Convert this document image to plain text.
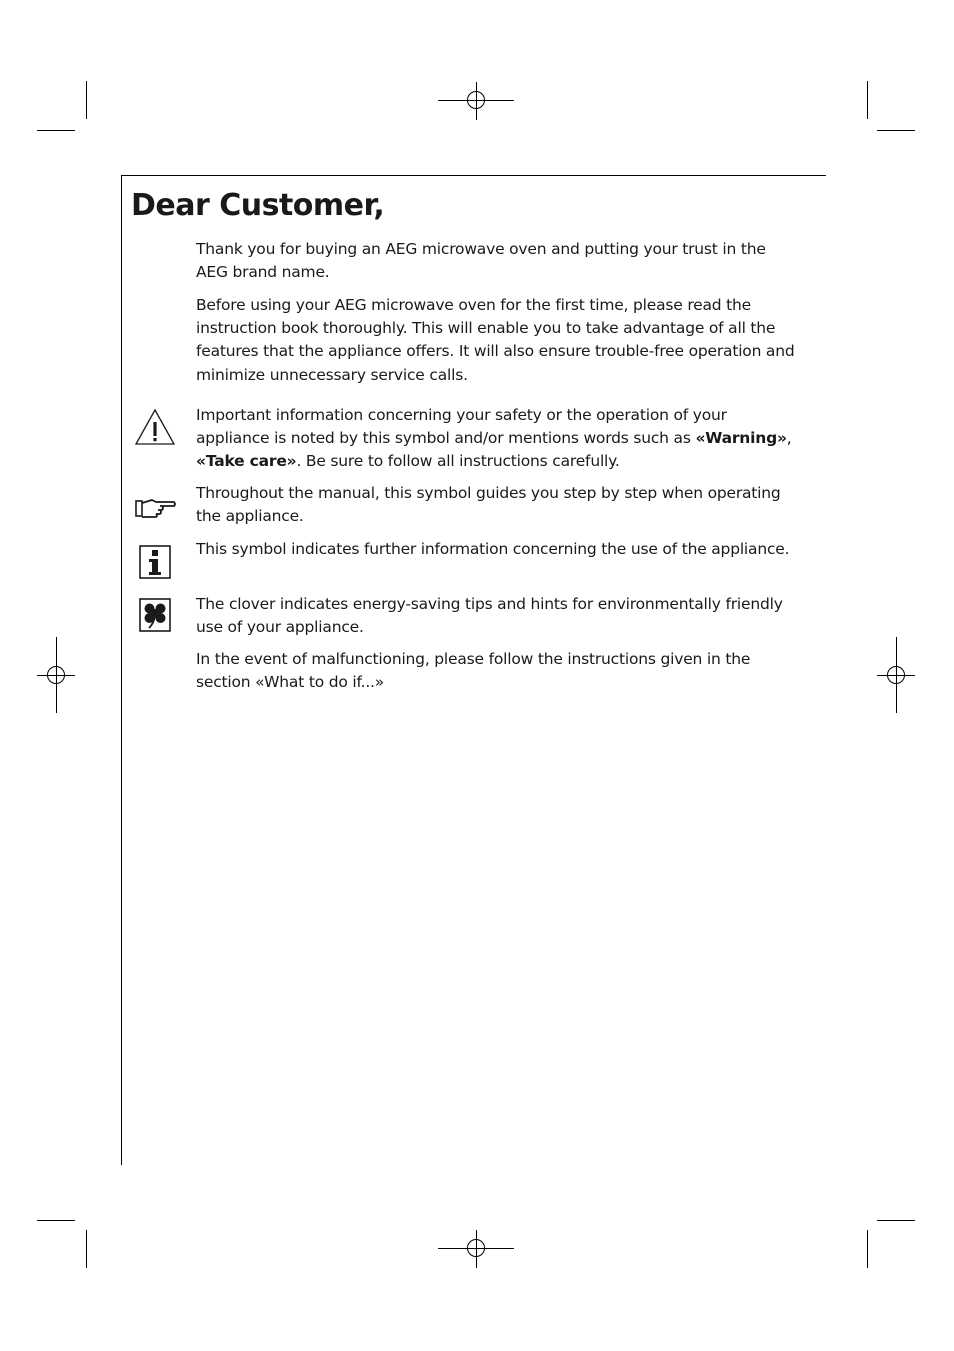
Dear Customer,

Thank you for buying an AEG microwave oven and putting your trust in the AEG brand name.

Before using your AEG microwave oven for the first time, please read the instruction book thoroughly. This will enable you to take advantage of all the features that the appliance offers. It will also ensure trouble-free operation and minimize unnecessary service calls.

Important information concerning your safety or the operation of your appliance is noted by this symbol and/or mentions words such as «Warning», «Take care». Be sure to follow all instructions carefully.

Throughout the manual, this symbol guides you step by step when operating the appliance.

This symbol indicates further information concerning the use of the appliance.

The clover indicates energy-saving tips and hints for environmentally friendly use of your appliance.

In the event of malfunctioning, please follow the instructions given in the section «What to do if...»
